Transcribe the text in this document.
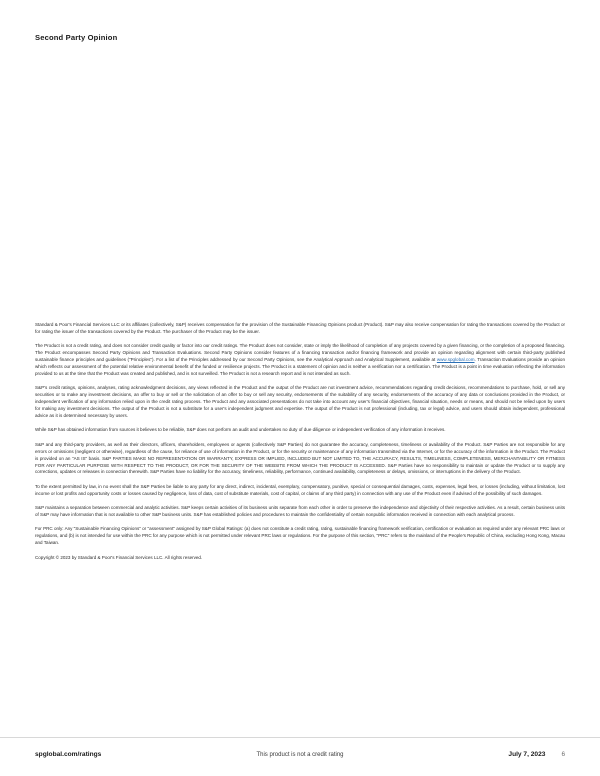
Second Party Opinion

Standard & Poor's Financial Services LLC or its affiliates (collectively, S&P) receives compensation for the provision of the Sustainable Financing Opinions product (Product). S&P may also receive compensation for rating the transactions covered by the Product or for rating the issuer of the transactions covered by the Product. The purchaser of the Product may be the issuer.

The Product is not a credit rating, and does not consider credit quality or factor into our credit ratings. The Product does not consider, state or imply the likelihood of completion of any projects covered by a given financing, or the completion of a proposed financing. The Product encompasses Second Party Opinions and Transaction Evaluations. Second Party Opinions consider features of a financing transaction and/or financing framework and provide an opinion regarding alignment with certain third-party published sustainable finance principles and guidelines ("Principles"). For a list of the Principles addressed by our Second Party Opinions, see the Analytical Approach and Analytical Supplement, available at www.spglobal.com. Transaction Evaluations provide an opinion which reflects our assessment of the potential relative environmental benefit of the funded or resilience projects. The Product is a statement of opinion and is neither a verification nor a certification. The Product is a point in time evaluation reflecting the information provided to us at the time that the Product was created and published, and is not surveilled. The Product is not a research report and is not intended as such.

S&P's credit ratings, opinions, analyses, rating acknowledgment decisions, any views reflected in the Product and the output of the Product are not investment advice, recommendations regarding credit decisions, recommendations to purchase, hold, or sell any securities or to make any investment decisions, an offer to buy or sell or the solicitation of an offer to buy or sell any security, endorsements of the suitability of any security, endorsements of the accuracy of any data or conclusions provided in the Product, or independent verification of any information relied upon in the credit rating process. The Product and any associated presentations do not take into account any user's financial objectives, financial situation, needs or means, and should not be relied upon by users for making any investment decisions. The output of the Product is not a substitute for a user's independent judgment and expertise. The output of the Product is not professional (including, tax or legal) advice, and users should obtain independent, professional advice as it is determined necessary by users.

While S&P has obtained information from sources it believes to be reliable, S&P does not perform an audit and undertakes no duty of due diligence or independent verification of any information it receives.

S&P and any third-party providers, as well as their directors, officers, shareholders, employees or agents (collectively S&P Parties) do not guarantee the accuracy, completeness, timeliness or availability of the Product. S&P Parties are not responsible for any errors or omissions (negligent or otherwise), regardless of the cause, for reliance of use of information in the Product, or for the security or maintenance of any information transmitted via the Internet, or for the accuracy of the information in the Product. The Product is provided on an "AS IS" basis. S&P PARTIES MAKE NO REPRESENTATION OR WARRANTY, EXPRESS OR IMPLIED, INCLUDED BUT NOT LIMITED TO, THE ACCURACY, RESULTS, TIMELINESS, COMPLETENESS, MERCHANTABILITY OR FITNESS FOR ANY PARTICULAR PURPOSE WITH RESPECT TO THE PRODUCT, OR FOR THE SECURITY OF THE WEBSITE FROM WHICH THE PRODUCT IS ACCESSED. S&P Parties have no responsibility to maintain or update the Product or to supply any corrections, updates or releases in connection therewith. S&P Parties have no liability for the accuracy, timeliness, reliability, performance, continued availability, completeness or delays, omissions, or interruptions in the delivery of the Product.

To the extent permitted by law, in no event shall the S&P Parties be liable to any party for any direct, indirect, incidental, exemplary, compensatory, punitive, special or consequential damages, costs, expenses, legal fees, or losses (including, without limitation, lost income or lost profits and opportunity costs or losses caused by negligence, loss of data, cost of substitute materials, cost of capital, or claims of any third party) in connection with any use of the Product even if advised of the possibility of such damages.

S&P maintains a separation between commercial and analytic activities. S&P keeps certain activities of its business units separate from each other in order to preserve the independence and objectivity of their respective activities. As a result, certain business units of S&P may have information that is not available to other S&P business units. S&P has established policies and procedures to maintain the confidentiality of certain nonpublic information received in connection with each analytical process.

For PRC only: Any "Sustainable Financing Opinions" or "assessment" assigned by S&P Global Ratings: (a) does not constitute a credit rating, rating, sustainable financing framework verification, certification or evaluation as required under any relevant PRC laws or regulations, and (b) is not intended for use within the PRC for any purpose which is not permitted under relevant PRC laws or regulations. For the purpose of this section, "PRC" refers to the mainland of the People's Republic of China, excluding Hong Kong, Macau and Taiwan.

Copyright © 2023 by Standard & Poor's Financial Services LLC. All rights reserved.

spglobal.com/ratings	This product is not a credit rating	July 7, 2023	6
